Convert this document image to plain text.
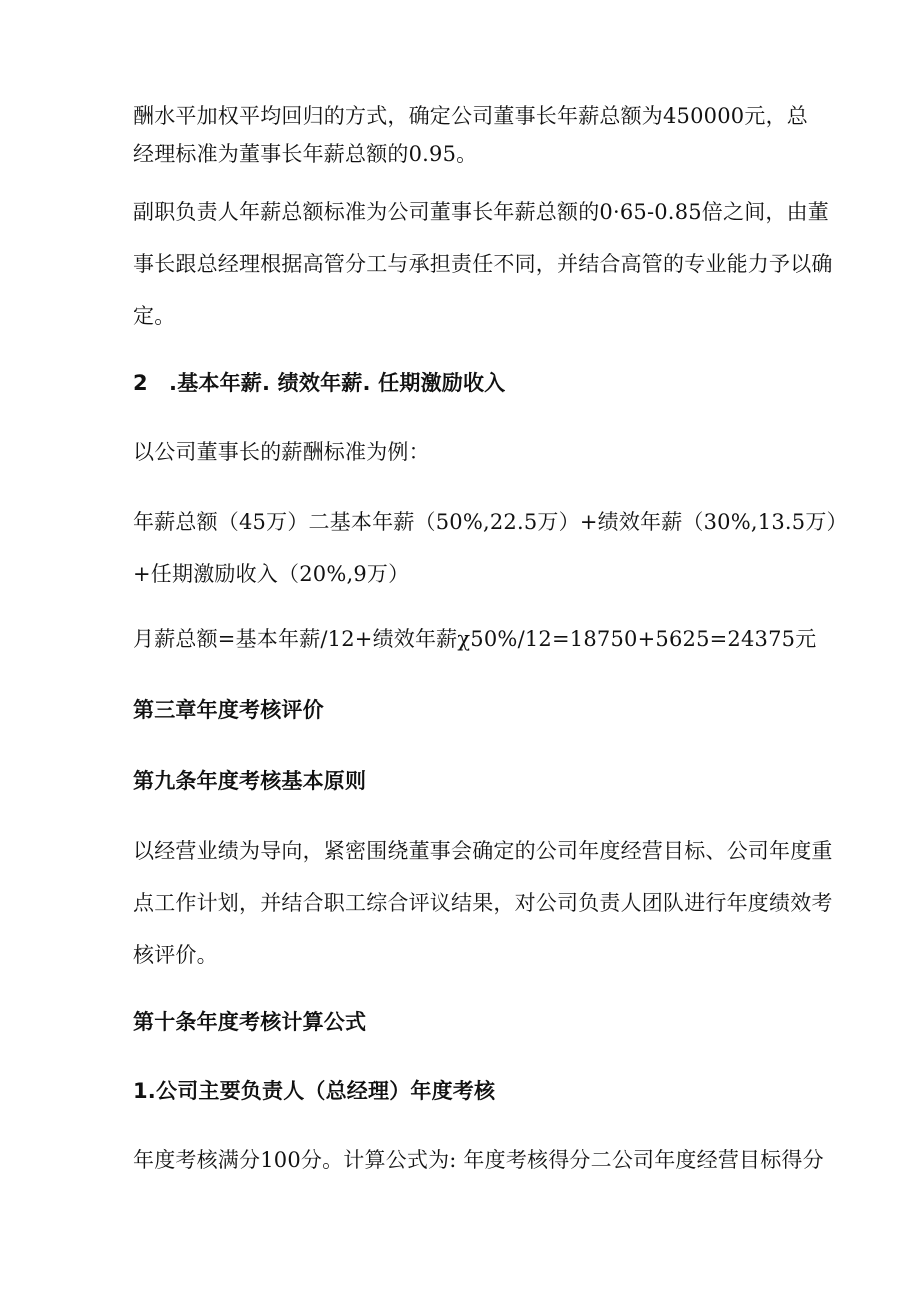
酬水平加权平均回归的方式，确定公司董事长年薪总额为450000元，总
经理标准为董事长年薪总额的0.95。

副职负责人年薪总额标准为公司董事长年薪总额的0·65-0.85倍之间，由董
事长跟总经理根据高管分工与承担责任不同，并结合高管的专业能力予以确
定。

2　.基本年薪. 绩效年薪. 任期激励收入

以公司董事长的薪酬标准为例：

年薪总额（45万）二基本年薪（50%,22.5万）+绩效年薪（30%,13.5万）
+任期激励收入（20%,9万）

月薪总额=基本年薪/12+绩效年薪χ50%/12=18750+5625=24375元

第三章年度考核评价

第九条年度考核基本原则

以经营业绩为导向，紧密围绕董事会确定的公司年度经营目标、公司年度重
点工作计划，并结合职工综合评议结果，对公司负责人团队进行年度绩效考
核评价。

第十条年度考核计算公式

1.公司主要负责人（总经理）年度考核

年度考核满分100分。计算公式为: 年度考核得分二公司年度经营目标得分
